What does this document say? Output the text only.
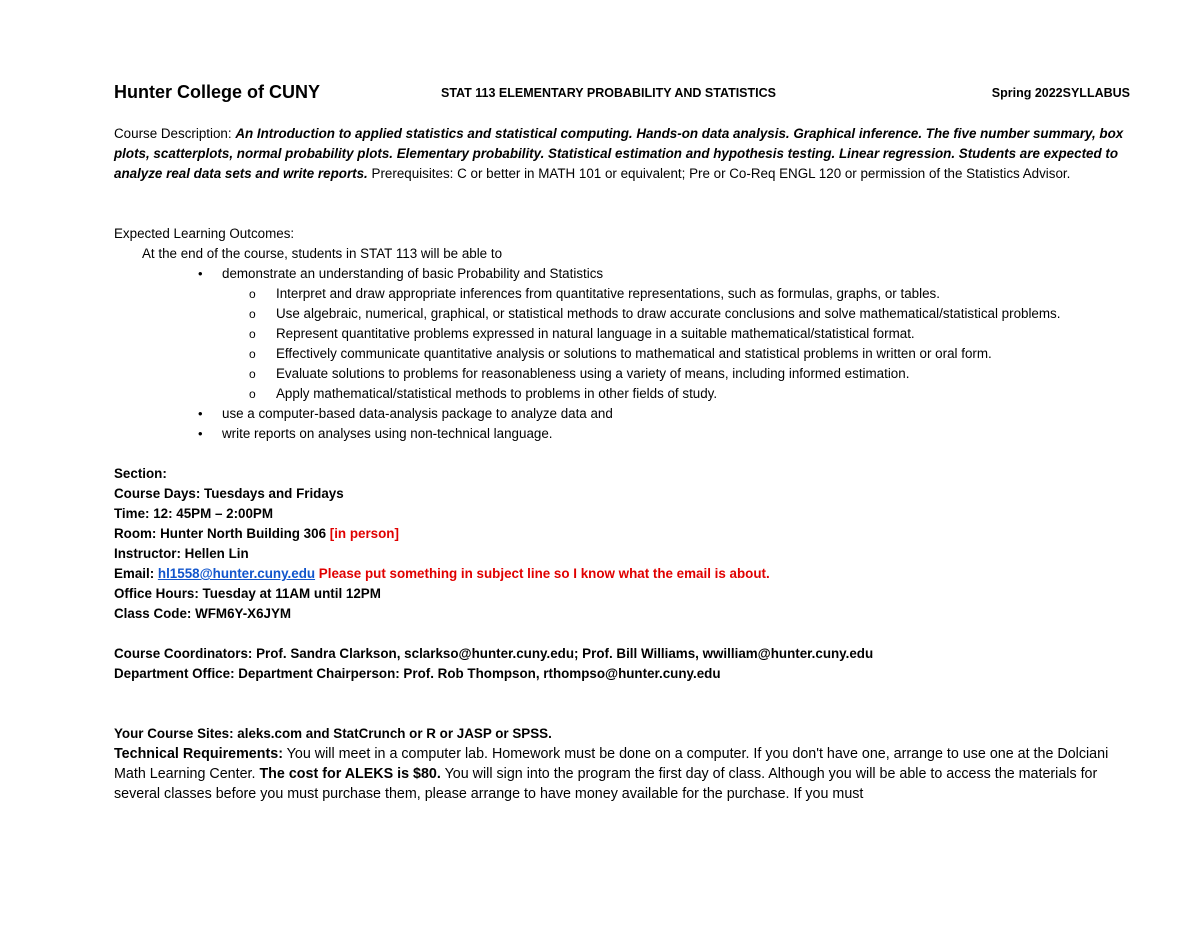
Hunter College of CUNY	STAT 113 ELEMENTARY PROBABILITY AND STATISTICS	Spring 2022SYLLABUS

Course Description: An Introduction to applied statistics and statistical computing. Hands-on data analysis. Graphical inference. The five number summary, box plots, scatterplots, normal probability plots. Elementary probability. Statistical estimation and hypothesis testing. Linear regression. Students are expected to analyze real data sets and write reports. Prerequisites: C or better in MATH 101 or equivalent; Pre or Co-Req ENGL 120 or permission of the Statistics Advisor.

Expected Learning Outcomes:

At the end of the course, students in STAT 113 will be able to

• demonstrate an understanding of basic Probability and Statistics
o Interpret and draw appropriate inferences from quantitative representations, such as formulas, graphs, or tables.
o Use algebraic, numerical, graphical, or statistical methods to draw accurate conclusions and solve mathematical/statistical problems.
o Represent quantitative problems expressed in natural language in a suitable mathematical/statistical format.
o Effectively communicate quantitative analysis or solutions to mathematical and statistical problems in written or oral form.
o Evaluate solutions to problems for reasonableness using a variety of means, including informed estimation.
o Apply mathematical/statistical methods to problems in other fields of study.
• use a computer-based data-analysis package to analyze data and
• write reports on analyses using non-technical language.

Section:

Course Days: Tuesdays and Fridays

Time: 12: 45PM – 2:00PM

Room: Hunter North Building 306 [in person]

Instructor: Hellen Lin

Email: hl1558@hunter.cuny.edu Please put something in subject line so I know what the email is about.

Office Hours: Tuesday at 11AM until 12PM

Class Code: WFM6Y-X6JYM

Course Coordinators: Prof. Sandra Clarkson, sclarkso@hunter.cuny.edu; Prof. Bill Williams, wwilliam@hunter.cuny.edu

Department Office: Department Chairperson: Prof. Rob Thompson, rthompso@hunter.cuny.edu

Your Course Sites: aleks.com and StatCrunch or R or JASP or SPSS.

Technical Requirements: You will meet in a computer lab. Homework must be done on a computer. If you don't have one, arrange to use one at the Dolciani Math Learning Center. The cost for ALEKS is $80. You will sign into the program the first day of class. Although you will be able to access the materials for several classes before you must purchase them, please arrange to have money available for the purchase. If you must
